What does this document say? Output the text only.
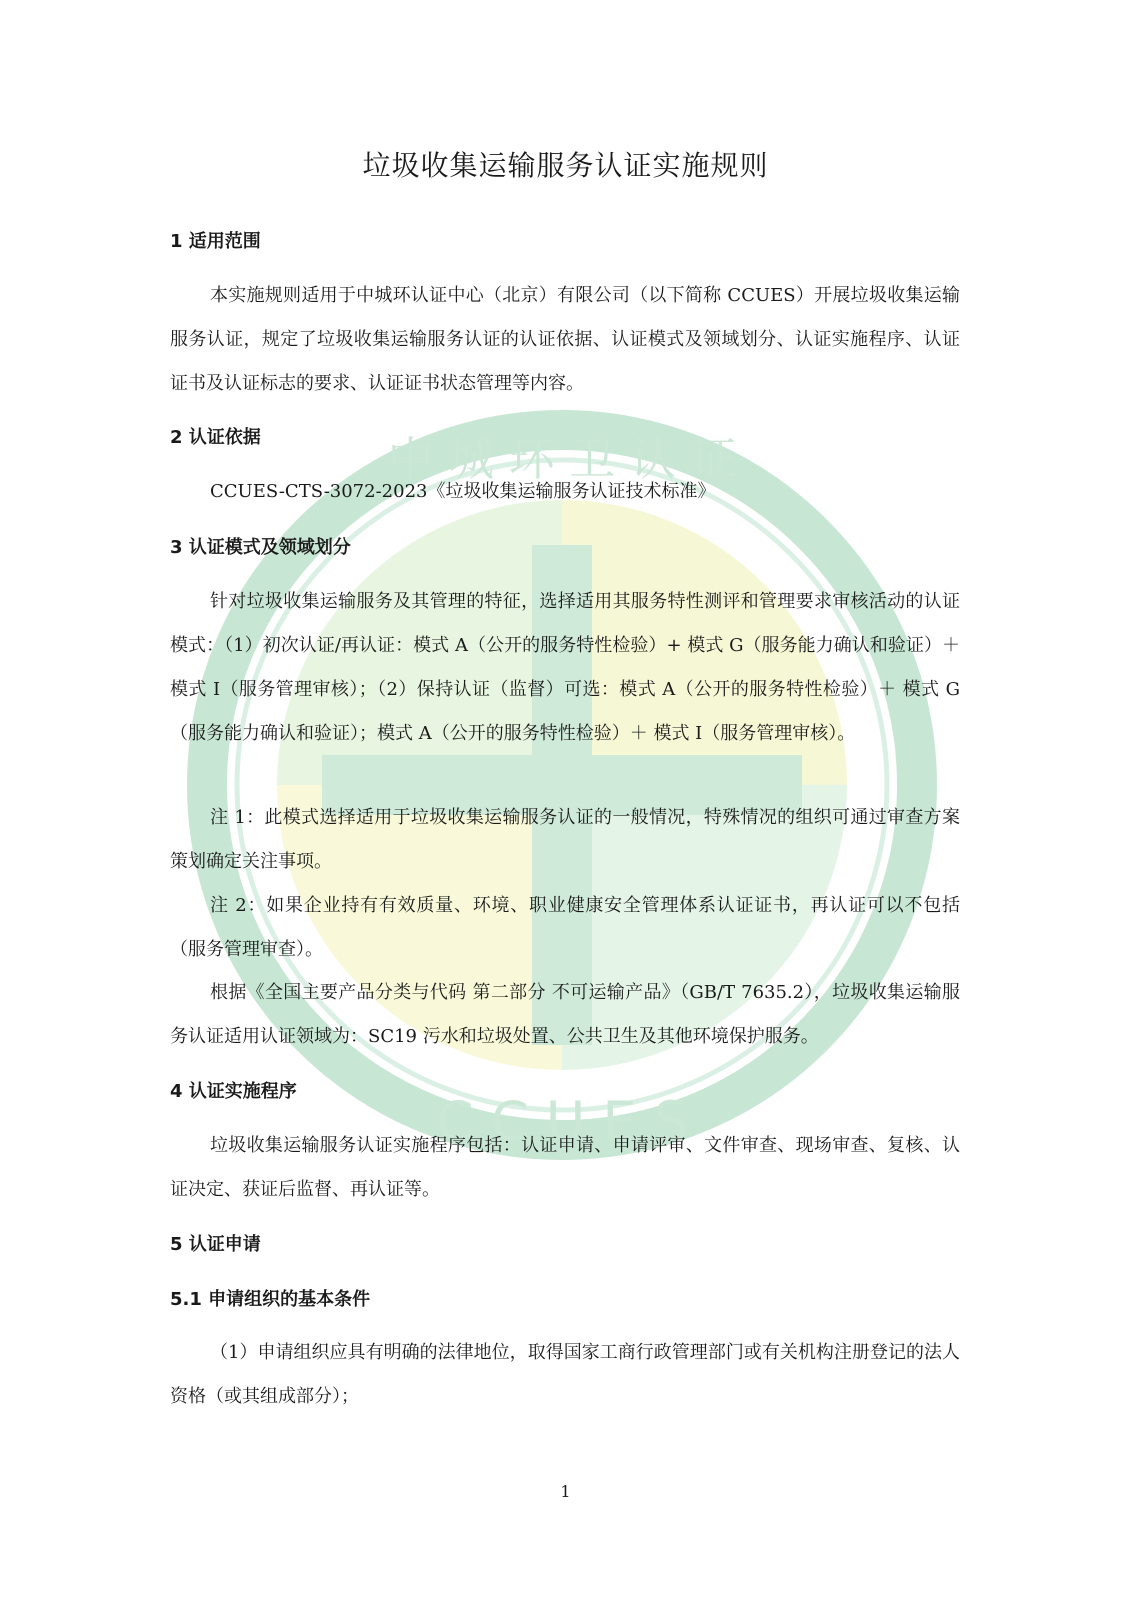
中 城 环 卫 认 证
C C U E S
垃圾收集运输服务认证实施规则
1 适用范围
本实施规则适用于中城环认证中心（北京）有限公司（以下简称 CCUES）开展垃圾收集运输服务认证，规定了垃圾收集运输服务认证的认证依据、认证模式及领域划分、认证实施程序、认证证书及认证标志的要求、认证证书状态管理等内容。
2 认证依据
CCUES-CTS-3072-2023《垃圾收集运输服务认证技术标准》
3 认证模式及领域划分
针对垃圾收集运输服务及其管理的特征，选择适用其服务特性测评和管理要求审核活动的认证模式：（1）初次认证/再认证：模式 A（公开的服务特性检验）+ 模式 G（服务能力确认和验证）＋模式 I（服务管理审核）；（2）保持认证（监督）可选：模式 A（公开的服务特性检验）＋ 模式 G（服务能力确认和验证）；模式 A（公开的服务特性检验）＋ 模式 I（服务管理审核）。
注 1：此模式选择适用于垃圾收集运输服务认证的一般情况，特殊情况的组织可通过审查方案策划确定关注事项。
注 2：如果企业持有有效质量、环境、职业健康安全管理体系认证证书，再认证可以不包括（服务管理审查）。
根据《全国主要产品分类与代码 第二部分 不可运输产品》（GB/T 7635.2），垃圾收集运输服务认证适用认证领域为：SC19 污水和垃圾处置、公共卫生及其他环境保护服务。
4 认证实施程序
垃圾收集运输服务认证实施程序包括：认证申请、申请评审、文件审查、现场审查、复核、认证决定、获证后监督、再认证等。
5 认证申请
5.1 申请组织的基本条件
（1）申请组织应具有明确的法律地位，取得国家工商行政管理部门或有关机构注册登记的法人资格（或其组成部分）；
1
